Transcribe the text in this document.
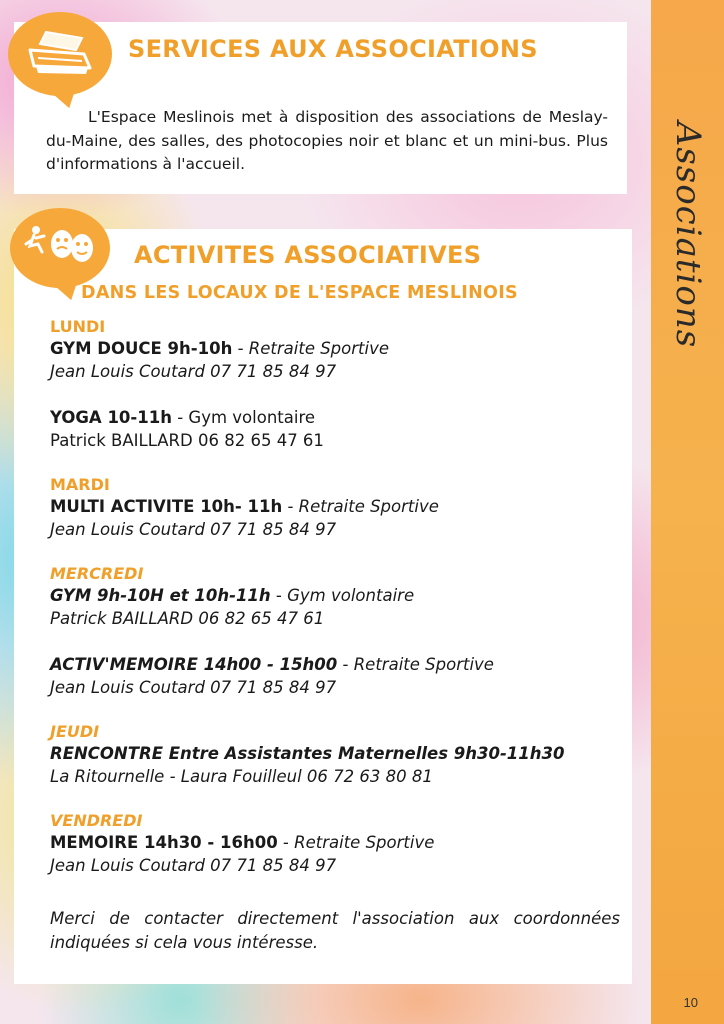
Associations
10
SERVICES AUX ASSOCIATIONS

L'Espace Meslinois met à disposition des associations de Meslay-du-Maine, des salles, des photocopies noir et blanc et un mini-bus. Plus d'informations à l'accueil.

ACTIVITES ASSOCIATIVES
DANS LES LOCAUX DE L'ESPACE MESLINOIS
LUNDI
GYM DOUCE 9h-10h - Retraite Sportive
Jean Louis Coutard 07 71 85 84 97
YOGA 10-11h - Gym volontaire
Patrick BAILLARD 06 82 65 47 61
MARDI
MULTI ACTIVITE 10h- 11h - Retraite Sportive
Jean Louis Coutard 07 71 85 84 97
MERCREDI
GYM 9h-10H et 10h-11h - Gym volontaire
Patrick BAILLARD 06 82 65 47 61
ACTIV'MEMOIRE 14h00 - 15h00 - Retraite Sportive
Jean Louis Coutard 07 71 85 84 97
JEUDI
RENCONTRE Entre Assistantes Maternelles 9h30-11h30
La Ritournelle - Laura Fouilleul 06 72 63 80 81
VENDREDI
MEMOIRE 14h30 - 16h00 - Retraite Sportive
Jean Louis Coutard 07 71 85 84 97

Merci de contacter directement l'association aux coordonnées indiquées si cela vous intéresse.
